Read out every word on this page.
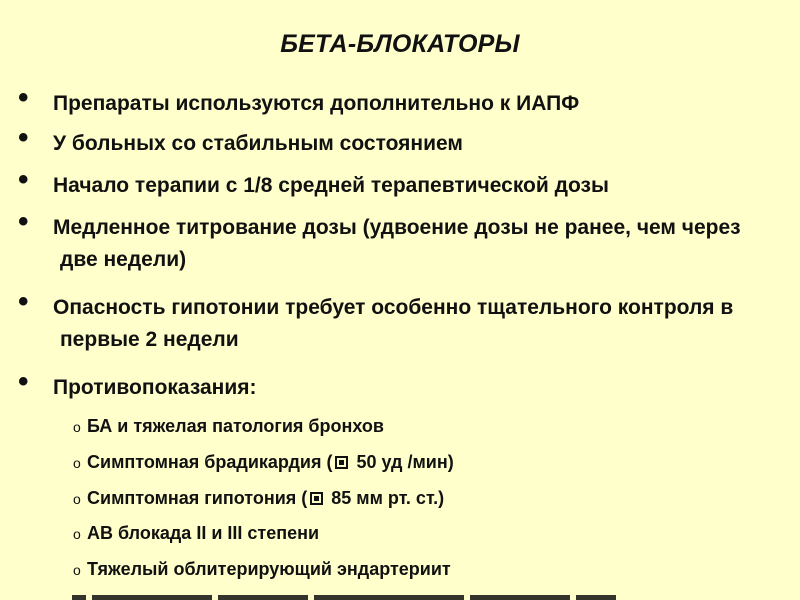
БЕТА-БЛОКАТОРЫ
•	Препараты используются дополнительно к ИАПФ
•	У больных со стабильным состоянием
•	Начало терапии с 1/8 средней терапевтической дозы
•	Медленное титрование дозы (удвоение дозы не ранее, чем через две недели)
•	Опасность гипотонии требует особенно тщательного контроля в первые 2 недели
•	Противопоказания:
o БА и тяжелая патология бронхов
o Симптомная брадикардия ( 50 уд /мин)
o Симптомная гипотония ( 85 мм рт. ст.)
o АВ блокада II и III степени
o Тяжелый облитерирующий эндартериит
